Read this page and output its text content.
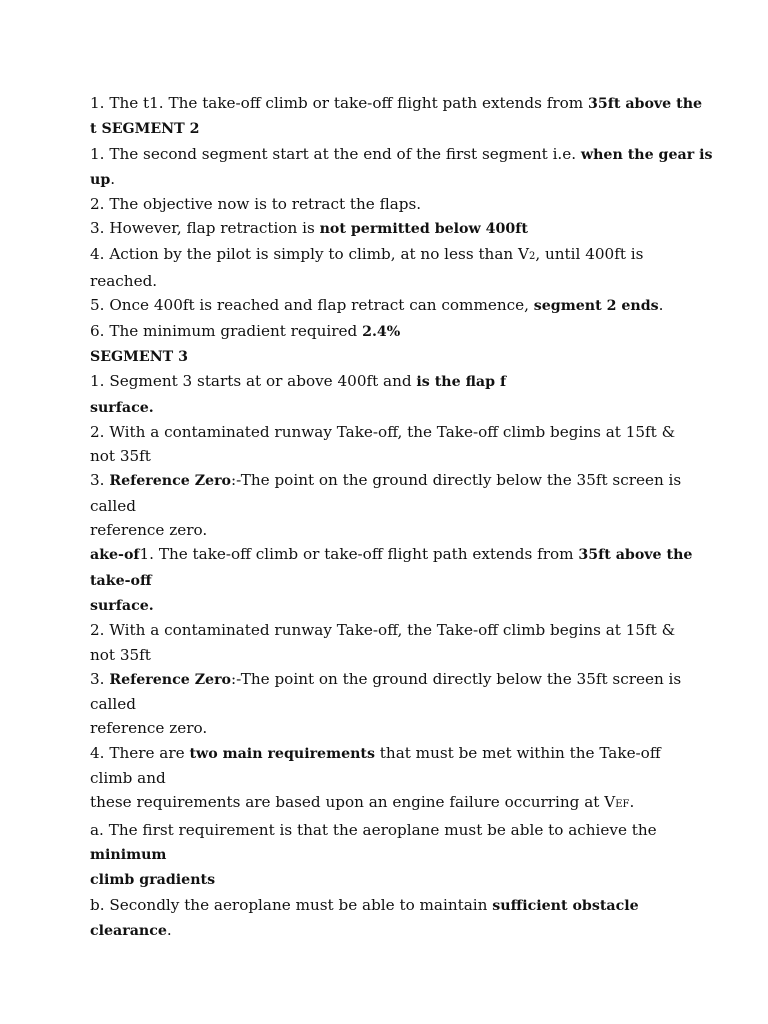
1. The t1. The take-off climb or take-off flight path extends from 35ft above the
t SEGMENT 2
1. The second segment start at the end of the first segment i.e. when the gear is
up.
2. The objective now is to retract the flaps.
3. However, flap retraction is not permitted below 400ft
4. Action by the pilot is simply to climb, at no less than V2, until 400ft is
reached.
5. Once 400ft is reached and flap retract can commence, segment 2 ends.
6. The minimum gradient required 2.4%
SEGMENT 3
1. Segment 3 starts at or above 400ft and is the flap f
surface.
2. With a contaminated runway Take-off, the Take-off climb begins at 15ft &
not 35ft
3. Reference Zero:-The point on the ground directly below the 35ft screen is
called
reference zero.
ake-of1. The take-off climb or take-off flight path extends from 35ft above the
take-off
surface.
2. With a contaminated runway Take-off, the Take-off climb begins at 15ft &
not 35ft
3. Reference Zero:-The point on the ground directly below the 35ft screen is
called
reference zero.
4. There are two main requirements that must be met within the Take-off
climb and
these requirements are based upon an engine failure occurring at VEF.
a. The first requirement is that the aeroplane must be able to achieve the
minimum
climb gradients
b. Secondly the aeroplane must be able to maintain sufficient obstacle
clearance.
